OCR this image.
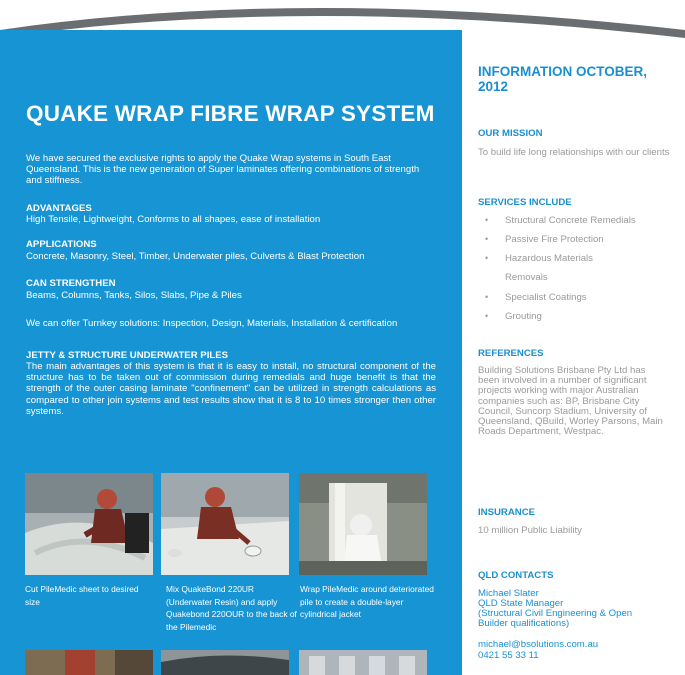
QUAKE WRAP FIBRE WRAP SYSTEM

We have secured the exclusive rights to apply the Quake Wrap systems in South East Queensland. This is the new generation of Super laminates offering combinations of strength and stiffness.

ADVANTAGES

High Tensile, Lightweight, Conforms to all shapes, ease of installation

APPLICATIONS

Concrete, Masonry, Steel, Timber, Underwater piles, Culverts & Blast Protection

CAN STRENGTHEN

Beams, Columns, Tanks, Silos, Slabs, Pipe & Piles

We can offer Turnkey solutions: Inspection, Design, Materials, Installation & certification

JETTY & STRUCTURE UNDERWATER PILES

The main advantages of this system is that it is easy to install, no structural component of the structure has to be taken out of commission during remedials and huge benefit is that the strength of the outer casing laminate "confinement" can be utilized in strength calculations as compared to other join systems and test results show that it is 8 to 10 times stronger then other systems.

Cut PileMedic sheet to desired size

Mix QuakeBond 220UR (Underwater Resin) and apply Quakebond 220OUR to the back of the Pilemedic

Wrap PileMedic around deteriorated pile to create a double-layer cylindrical jacket

INFORMATION OCTOBER, 2012

OUR MISSION

To build life long relationships with our clients

SERVICES INCLUDE

• Structural Concrete Remedials
• Passive Fire Protection
• Hazardous Materials Removals
• Specialist Coatings
• Grouting

REFERENCES

Building Solutions Brisbane Pty Ltd has been involved in a number of significant projects working with major Australian companies such as: BP, Brisbane City Council, Suncorp Stadium, University of Queensland, QBuild, Worley Parsons, Main Roads Department, Westpac.

INSURANCE

10 million Public Liability

QLD CONTACTS

Michael Slater

QLD State Manager

(Structural Civil Engineering & Open Builder qualifications)

michael@bsolutions.com.au

0421 55 33 11
